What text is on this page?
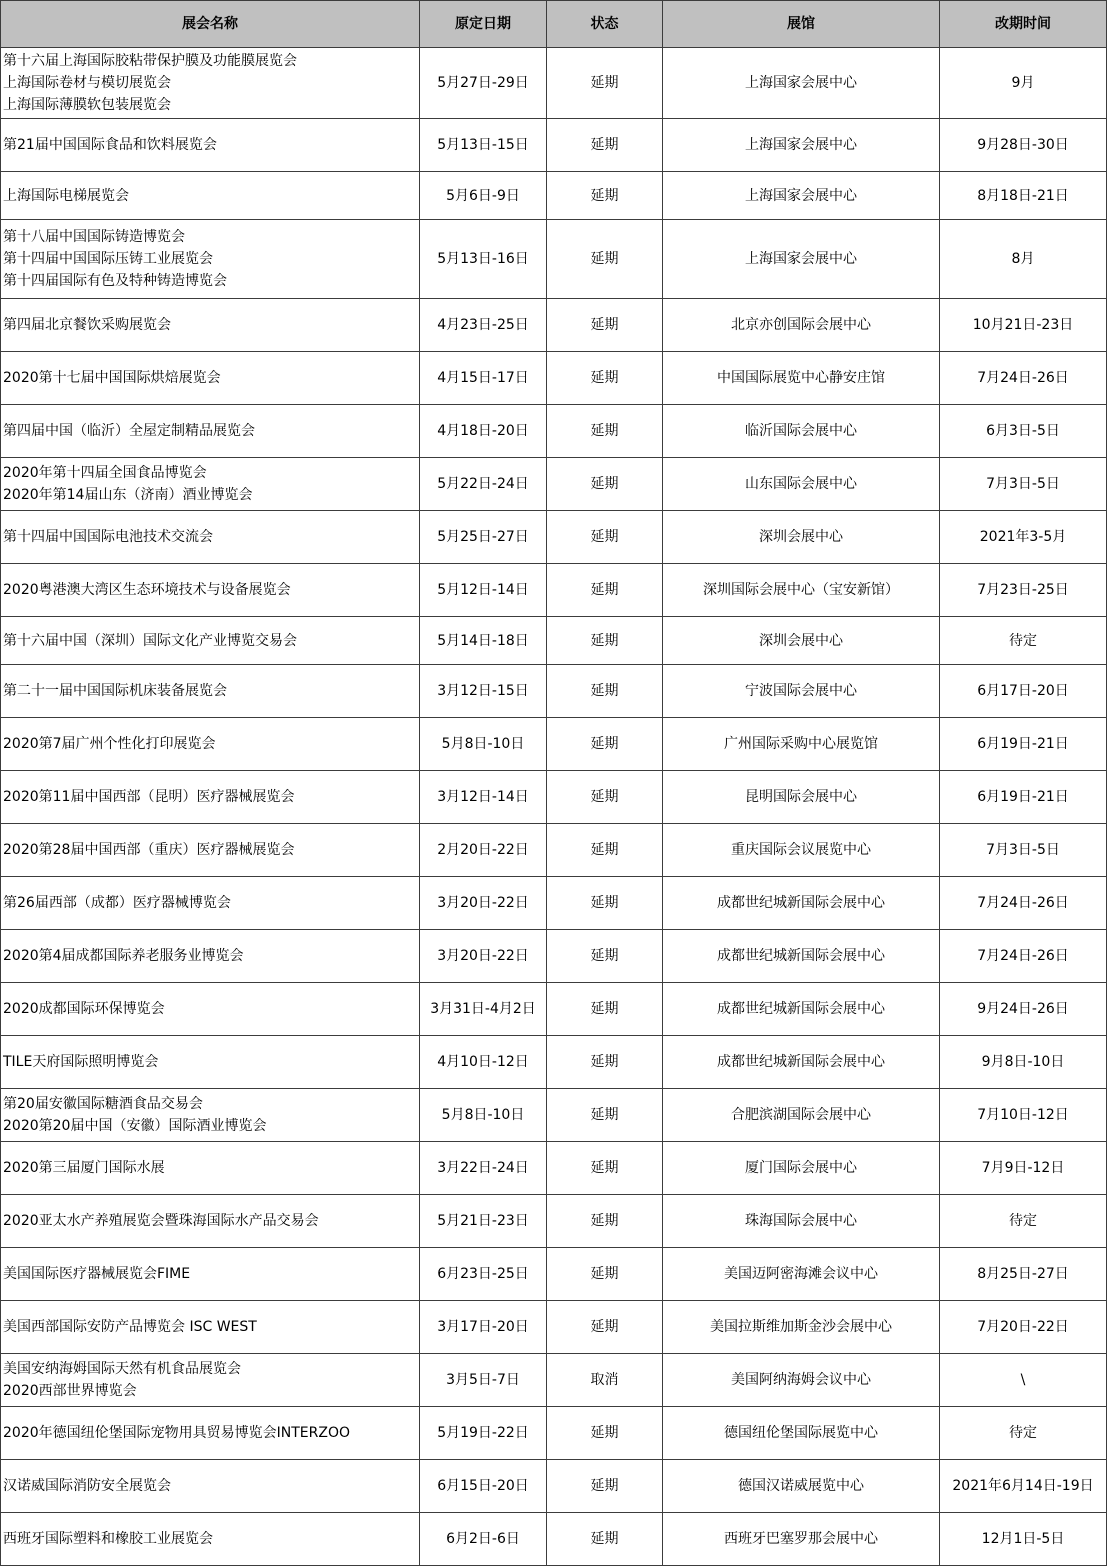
展会名称	原定日期	状态	展馆	改期时间

第十六届上海国际胶粘带保护膜及功能膜展览会
上海国际卷材与模切展览会
上海国际薄膜软包装展览会	5月27日-29日	延期	上海国家会展中心	9月

第21届中国国际食品和饮料展览会	5月13日-15日	延期	上海国家会展中心	9月28日-30日

上海国际电梯展览会	5月6日-9日	延期	上海国家会展中心	8月18日-21日

第十八届中国国际铸造博览会
第十四届中国国际压铸工业展览会
第十四届国际有色及特种铸造博览会	5月13日-16日	延期	上海国家会展中心	8月

第四届北京餐饮采购展览会	4月23日-25日	延期	北京亦创国际会展中心	10月21日-23日

2020第十七届中国国际烘焙展览会	4月15日-17日	延期	中国国际展览中心静安庄馆	7月24日-26日

第四届中国（临沂）全屋定制精品展览会	4月18日-20日	延期	临沂国际会展中心	6月3日-5日

2020年第十四届全国食品博览会
2020年第14届山东（济南）酒业博览会	5月22日-24日	延期	山东国际会展中心	7月3日-5日

第十四届中国国际电池技术交流会	5月25日-27日	延期	深圳会展中心	2021年3-5月

2020粤港澳大湾区生态环境技术与设备展览会	5月12日-14日	延期	深圳国际会展中心（宝安新馆）	7月23日-25日

第十六届中国（深圳）国际文化产业博览交易会	5月14日-18日	延期	深圳会展中心	待定

第二十一届中国国际机床装备展览会	3月12日-15日	延期	宁波国际会展中心	6月17日-20日

2020第7届广州个性化打印展览会	5月8日-10日	延期	广州国际采购中心展览馆	6月19日-21日

2020第11届中国西部（昆明）医疗器械展览会	3月12日-14日	延期	昆明国际会展中心	6月19日-21日

2020第28届中国西部（重庆）医疗器械展览会	2月20日-22日	延期	重庆国际会议展览中心	7月3日-5日

第26届西部（成都）医疗器械博览会	3月20日-22日	延期	成都世纪城新国际会展中心	7月24日-26日

2020第4届成都国际养老服务业博览会	3月20日-22日	延期	成都世纪城新国际会展中心	7月24日-26日

2020成都国际环保博览会	3月31日-4月2日	延期	成都世纪城新国际会展中心	9月24日-26日

TILE天府国际照明博览会	4月10日-12日	延期	成都世纪城新国际会展中心	9月8日-10日

第20届安徽国际糖酒食品交易会
2020第20届中国（安徽）国际酒业博览会	5月8日-10日	延期	合肥滨湖国际会展中心	7月10日-12日

2020第三届厦门国际水展	3月22日-24日	延期	厦门国际会展中心	7月9日-12日

2020亚太水产养殖展览会暨珠海国际水产品交易会	5月21日-23日	延期	珠海国际会展中心	待定

美国国际医疗器械展览会FIME	6月23日-25日	延期	美国迈阿密海滩会议中心	8月25日-27日

美国西部国际安防产品博览会 ISC WEST	3月17日-20日	延期	美国拉斯维加斯金沙会展中心	7月20日-22日

美国安纳海姆国际天然有机食品展览会
2020西部世界博览会	3月5日-7日	取消	美国阿纳海姆会议中心	\

2020年德国纽伦堡国际宠物用具贸易博览会INTERZOO	5月19日-22日	延期	德国纽伦堡国际展览中心	待定

汉诺威国际消防安全展览会	6月15日-20日	延期	德国汉诺威展览中心	2021年6月14日-19日

西班牙国际塑料和橡胶工业展览会	6月2日-6日	延期	西班牙巴塞罗那会展中心	12月1日-5日
